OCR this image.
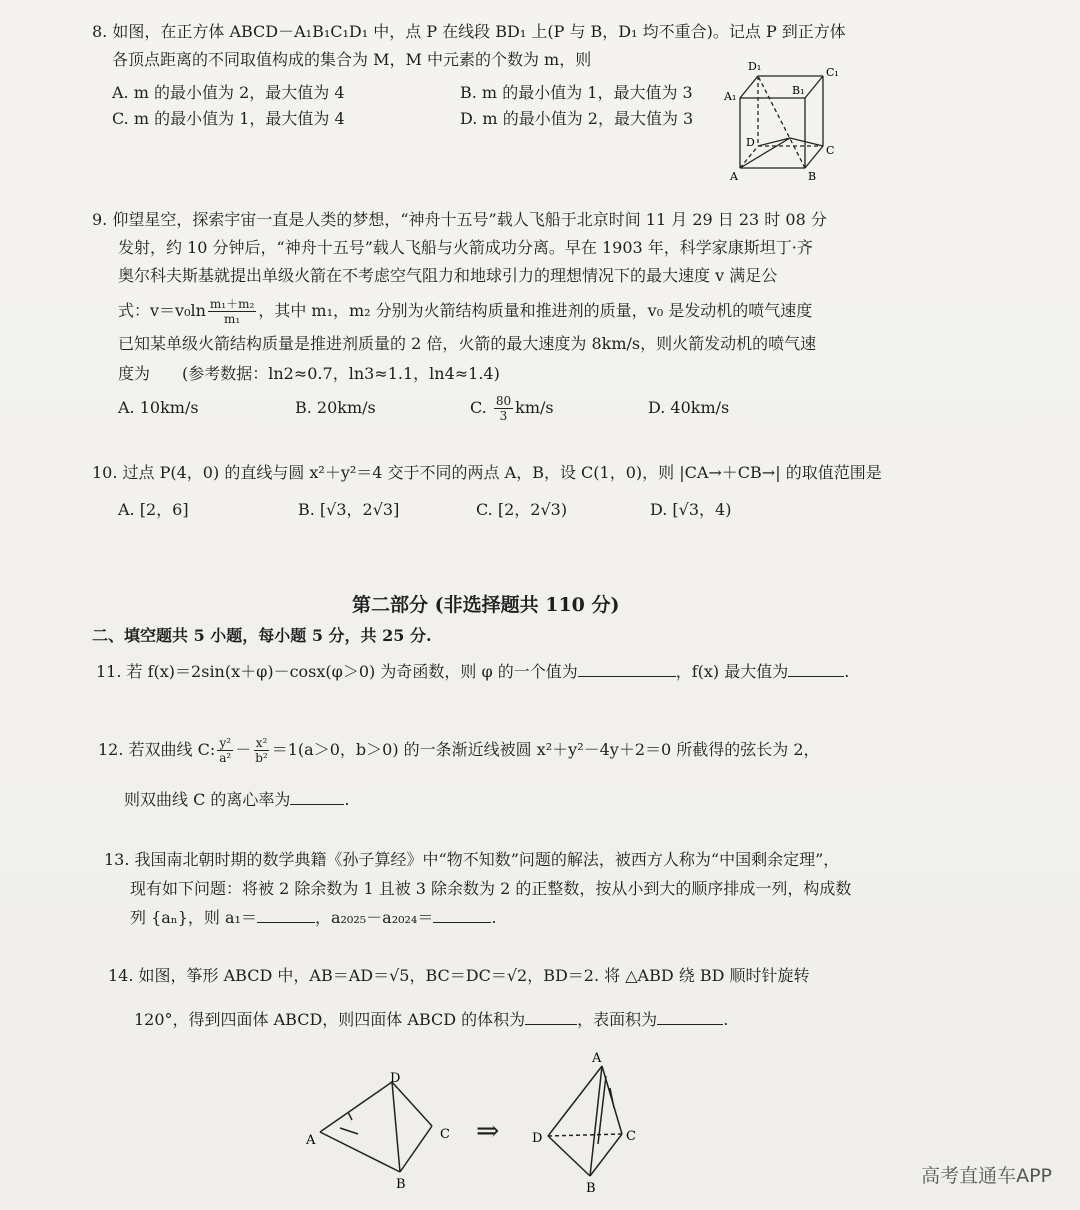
8. 如图，在正方体 ABCD－A₁B₁C₁D₁ 中，点 P 在线段 BD₁ 上(P 与 B，D₁ 均不重合)。记点 P 到正方体
各顶点距离的不同取值构成的集合为 M，M 中元素的个数为 m，则
A. m 的最小值为 2，最大值为 4	B. m 的最小值为 1，最大值为 3
C. m 的最小值为 1，最大值为 4	D. m 的最小值为 2，最大值为 3
D₁	C₁
A₁	B₁
D
C
A	B
9. 仰望星空，探索宇宙一直是人类的梦想，“神舟十五号”载人飞船于北京时间 11 月 29 日 23 时 08 分
发射，约 10 分钟后，“神舟十五号”载人飞船与火箭成功分离。早在 1903 年，科学家康斯坦丁·齐
奥尔科夫斯基就提出单级火箭在不考虑空气阻力和地球引力的理想情况下的最大速度 v 满足公
式：$v=v_0\ln \frac{\text{m₁＋m₂}}{\text{m₁}}$ ，其中 m₁，m₂ 分别为火箭结构质量和推进剂的质量，v₀ 是发动机的喷气速度
已知某单级火箭结构质量是推进剂质量的 2 倍，火箭的最大速度为 8km/s，则火箭发动机的喷气速
度为　　(参考数据：ln2≈0.7，ln3≈1.1，ln4≈1.4)
A. 10km/s	B. 20km/s	C. $\frac{80}{3} km/s$	D. 40km/s
10. 过点 P(4，0) 的直线与圆 x²＋y²＝4 交于不同的两点 A，B，设 C(1，0)，则 |CA→＋CB→| 的取值范围是
A. [2，6]	B. [√3，2√3]	C. [2，2√3)	D. [√3，4)
第二部分 (非选择题共 110 分)
二、填空题共 5 小题，每小题 5 分，共 25 分.
11. 若 f(x)＝2sin(x＋φ)－cosx(φ＞0) 为奇函数，则 φ 的一个值为	，f(x) 最大值为	.
12. 若双曲线 C: $\frac{\text{y²}}{\text{a²}} - \frac{\text{x²}}{\text{b²}} =1(a>0$，b＞0) 的一条渐近线被圆 x²＋y²－4y＋2＝0 所截得的弦长为 2，
则双曲线 C 的离心率为	.
13. 我国南北朝时期的数学典籍《孙子算经》中“物不知数”问题的解法，被西方人称为“中国剩余定理”，
现有如下问题：将被 2 除余数为 1 且被 3 除余数为 2 的正整数，按从小到大的顺序排成一列，构成数
列 {aₙ}，则 a₁＝	，a₂₀₂₅－a₂₀₂₄＝	.
14. 如图，筝形 ABCD 中，AB＝AD＝√5，BC＝DC＝√2，BD＝2. 将 △ABD 绕 BD 顺时针旋转
120°，得到四面体 ABCD，则四面体 ABCD 的体积为	，表面积为	.
D
A
B
C ⇒
A
D
B
C
高考直通车APP
